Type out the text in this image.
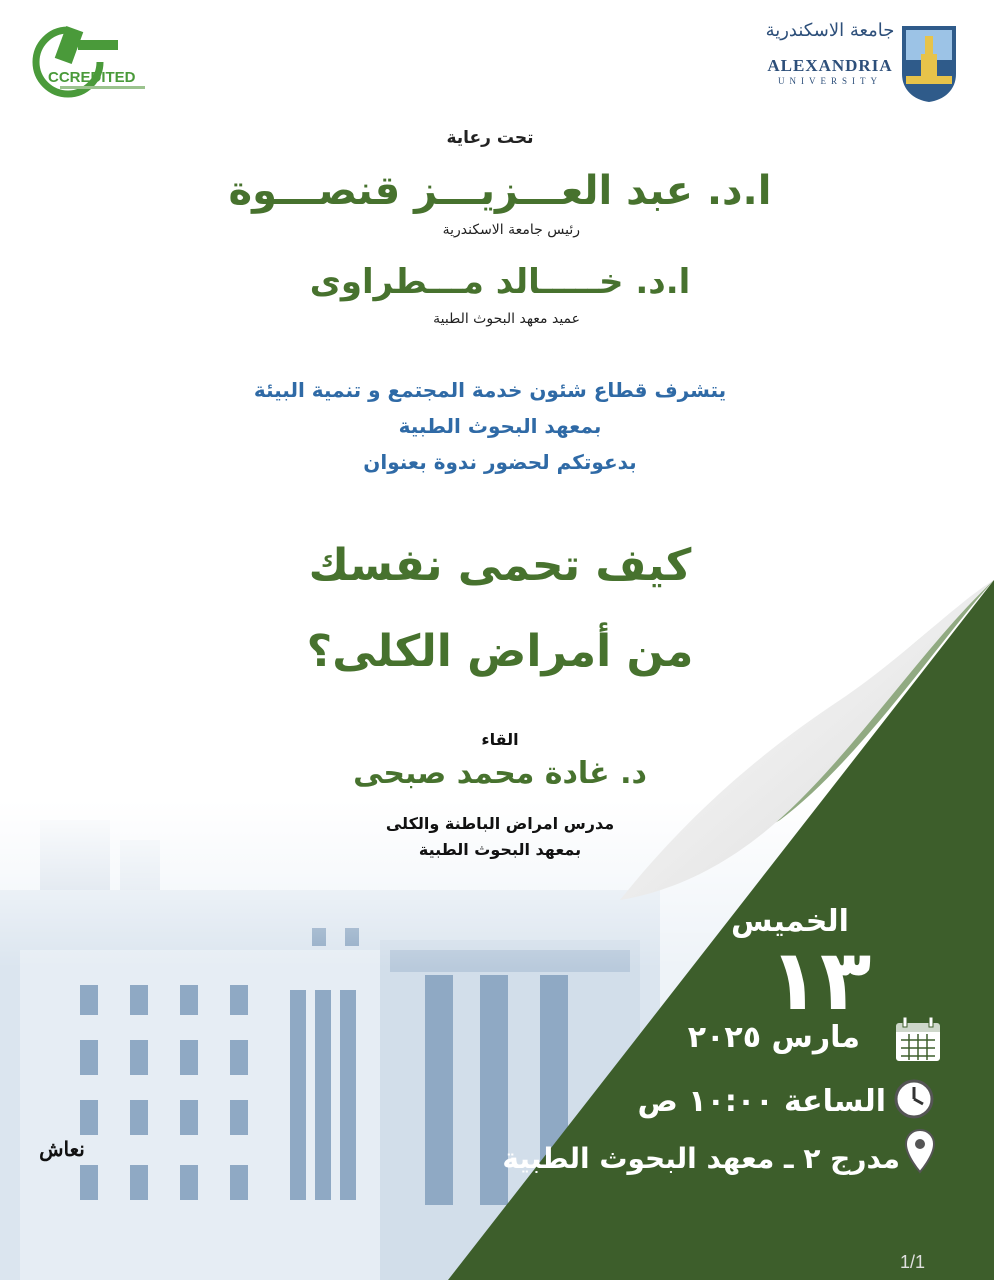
CCREDITED
جامعة الاسكندرية
ALEXANDRIA
UNIVERSITY
تحت رعاية
ا.د. عبد العـــزيـــز قنصـــوة
رئيس جامعة الاسكندرية
ا.د. خـــــالد مـــطراوى
عميد معهد البحوث الطبية
يتشرف قطاع شئون خدمة المجتمع و تنمية البيئة
بمعهد البحوث الطبية
بدعوتكم لحضور ندوة بعنوان
كيف تحمى نفسك
من أمراض الكلى؟
القاء
د. غادة محمد صبحى
مدرس امراض الباطنة والكلى
بمعهد البحوث الطبية
الخميس
١٣
مارس ٢٠٢٥
الساعة ١٠:٠٠ ص
مدرج ٢ ـ معهد البحوث الطبية
نعاش
1/1
